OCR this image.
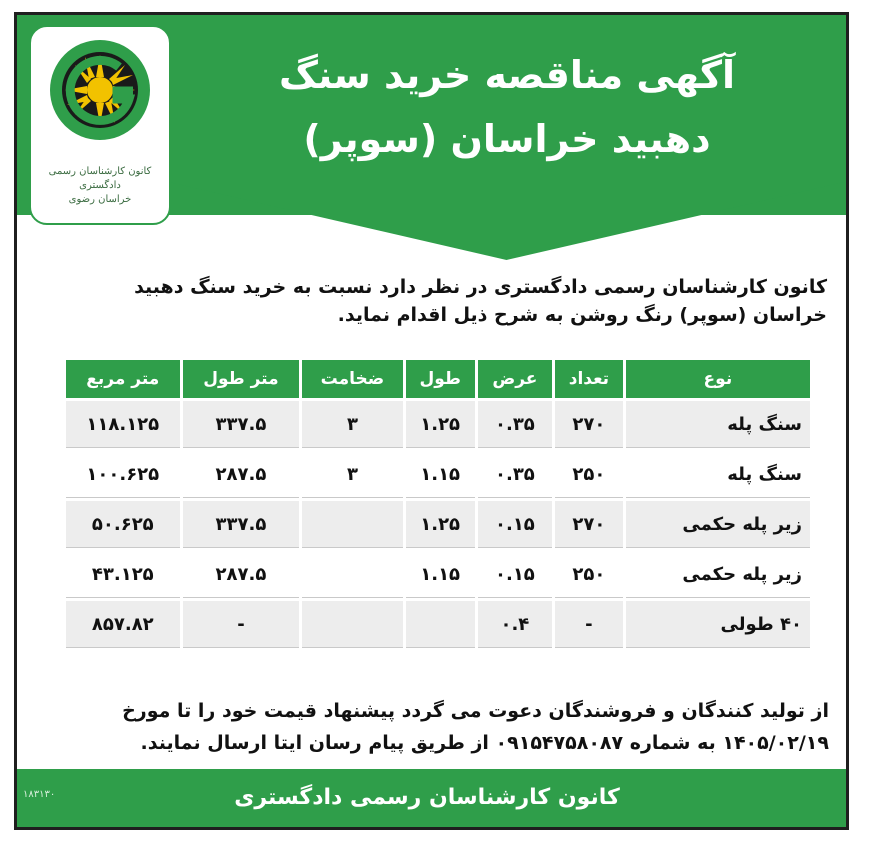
کانون کارشناسان رسمی دادگستری
خراسان رضوی
آگهی مناقصه خرید سنگ
دهبید خراسان (سوپر)
کانون کارشناسان رسمی دادگستری در نظر دارد نسبت به خرید سنگ دهبید خراسان (سوپر) رنگ روشن به شرح ذیل اقدام نماید.
نوع	تعداد	عرض	طول	ضخامت	متر طول	متر مربع
سنگ پله	۲۷۰	۰.۳۵	۱.۲۵	۳	۳۳۷.۵	۱۱۸.۱۲۵
سنگ پله	۲۵۰	۰.۳۵	۱.۱۵	۳	۲۸۷.۵	۱۰۰.۶۲۵
زیر پله حکمی	۲۷۰	۰.۱۵	۱.۲۵		۳۳۷.۵	۵۰.۶۲۵
زیر پله حکمی	۲۵۰	۰.۱۵	۱.۱۵		۲۸۷.۵	۴۳.۱۲۵
۴۰ طولی	-	۰.۴			-	۸۵۷.۸۲
از تولید کنندگان و فروشندگان دعوت می گردد پیشنهاد قیمت خود را تا مورخ ۱۴۰۵/۰۲/۱۹ به شماره ۰۹۱۵۴۷۵۸۰۸۷ از طریق پیام رسان ایتا ارسال نمایند.
۱۸۳۱۳۰	کانون کارشناسان رسمی دادگستری
